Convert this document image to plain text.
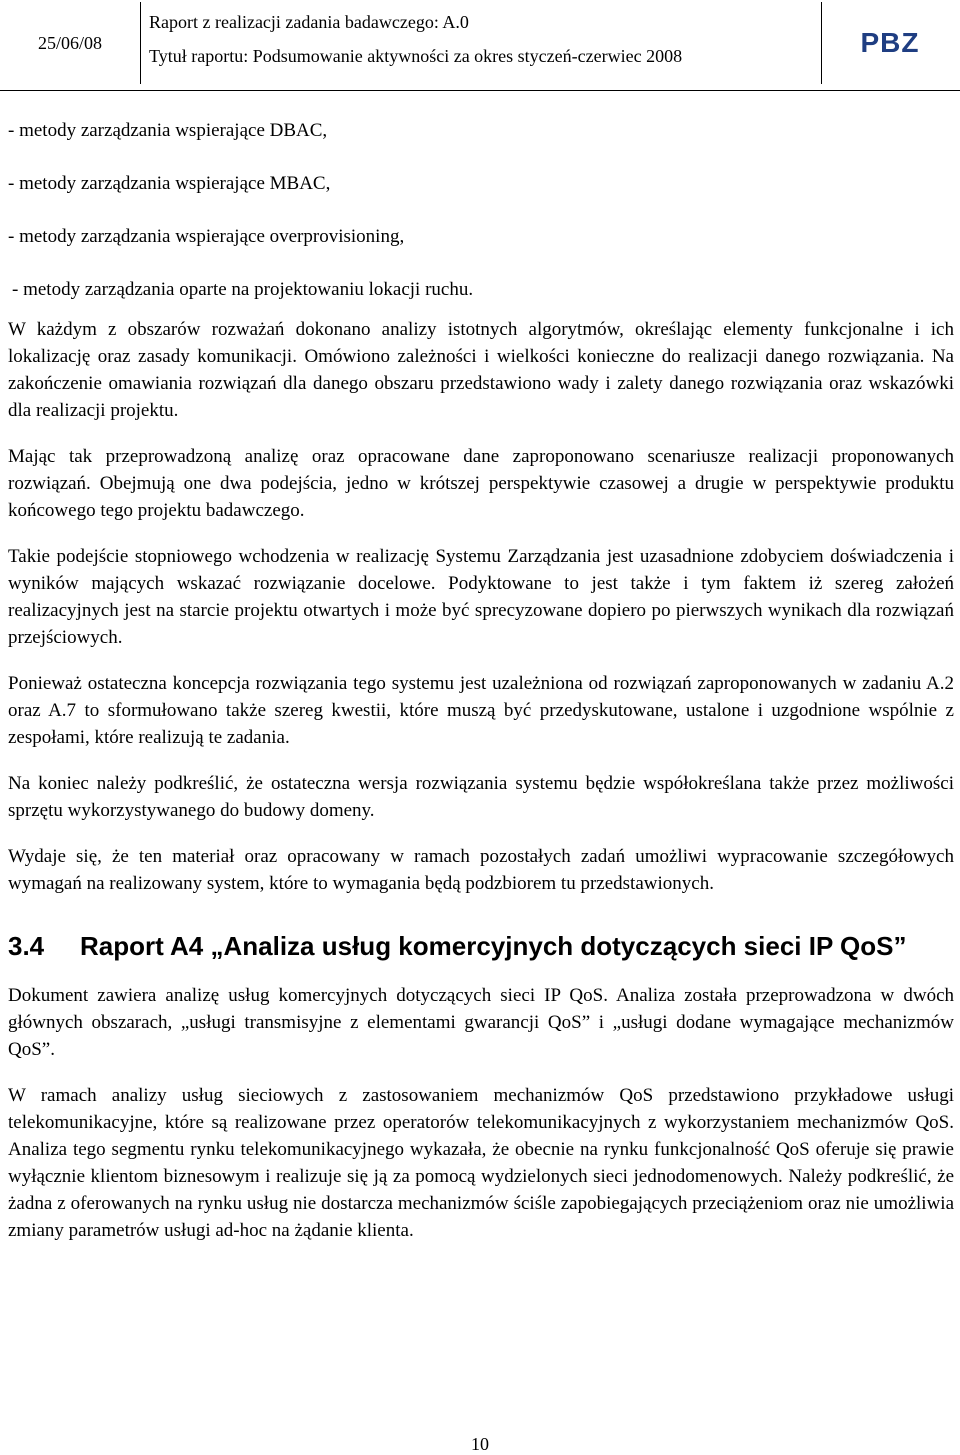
25/06/08
Raport z realizacji zadania badawczego: A.0
Tytuł raportu: Podsumowanie aktywności za okres styczeń-czerwiec 2008	PBZ
- metody zarządzania wspierające DBAC,
- metody zarządzania wspierające MBAC,
- metody zarządzania wspierające overprovisioning,
- metody zarządzania oparte na projektowaniu lokacji ruchu.

W każdym z obszarów rozważań dokonano analizy istotnych algorytmów, określając elementy funkcjonalne i ich lokalizację oraz zasady komunikacji. Omówiono zależności i wielkości konieczne do realizacji danego rozwiązania. Na zakończenie omawiania rozwiązań dla danego obszaru przedstawiono wady i zalety danego rozwiązania oraz wskazówki dla realizacji projektu.

Mając tak przeprowadzoną analizę oraz opracowane dane zaproponowano scenariusze realizacji proponowanych rozwiązań. Obejmują one dwa podejścia, jedno w krótszej perspektywie czasowej a drugie w perspektywie produktu końcowego tego projektu badawczego.

Takie podejście stopniowego wchodzenia w realizację Systemu Zarządzania jest uzasadnione zdobyciem doświadczenia i wyników mających wskazać rozwiązanie docelowe. Podyktowane to jest także i tym faktem iż szereg założeń realizacyjnych jest na starcie projektu otwartych i może być sprecyzowane dopiero po pierwszych wynikach dla rozwiązań przejściowych.

Ponieważ ostateczna koncepcja rozwiązania tego systemu jest uzależniona od rozwiązań zaproponowanych w zadaniu A.2 oraz A.7 to sformułowano także szereg kwestii, które muszą być przedyskutowane, ustalone i uzgodnione wspólnie z zespołami, które realizują te zadania.

Na koniec należy podkreślić, że ostateczna wersja rozwiązania systemu będzie współokreślana także przez możliwości sprzętu wykorzystywanego do budowy domeny.

Wydaje się, że ten materiał oraz opracowany w ramach pozostałych zadań umożliwi wypracowanie szczegółowych wymagań na realizowany system, które to wymagania będą podzbiorem tu przedstawionych.

3.4 Raport A4 „Analiza usług komercyjnych dotyczących sieci IP QoS”

Dokument zawiera analizę usług komercyjnych dotyczących sieci IP QoS. Analiza została przeprowadzona w dwóch głównych obszarach, „usługi transmisyjne z elementami gwarancji QoS” i „usługi dodane wymagające mechanizmów QoS”.

W ramach analizy usług sieciowych z zastosowaniem mechanizmów QoS przedstawiono przykładowe usługi telekomunikacyjne, które są realizowane przez operatorów telekomunikacyjnych z wykorzystaniem mechanizmów QoS. Analiza tego segmentu rynku telekomunikacyjnego wykazała, że obecnie na rynku funkcjonalność QoS oferuje się prawie wyłącznie klientom biznesowym i realizuje się ją za pomocą wydzielonych sieci jednodomenowych. Należy podkreślić, że żadna z oferowanych na rynku usług nie dostarcza mechanizmów ściśle zapobiegających przeciążeniom oraz nie umożliwia zmiany parametrów usługi ad-hoc na żądanie klienta.

10
